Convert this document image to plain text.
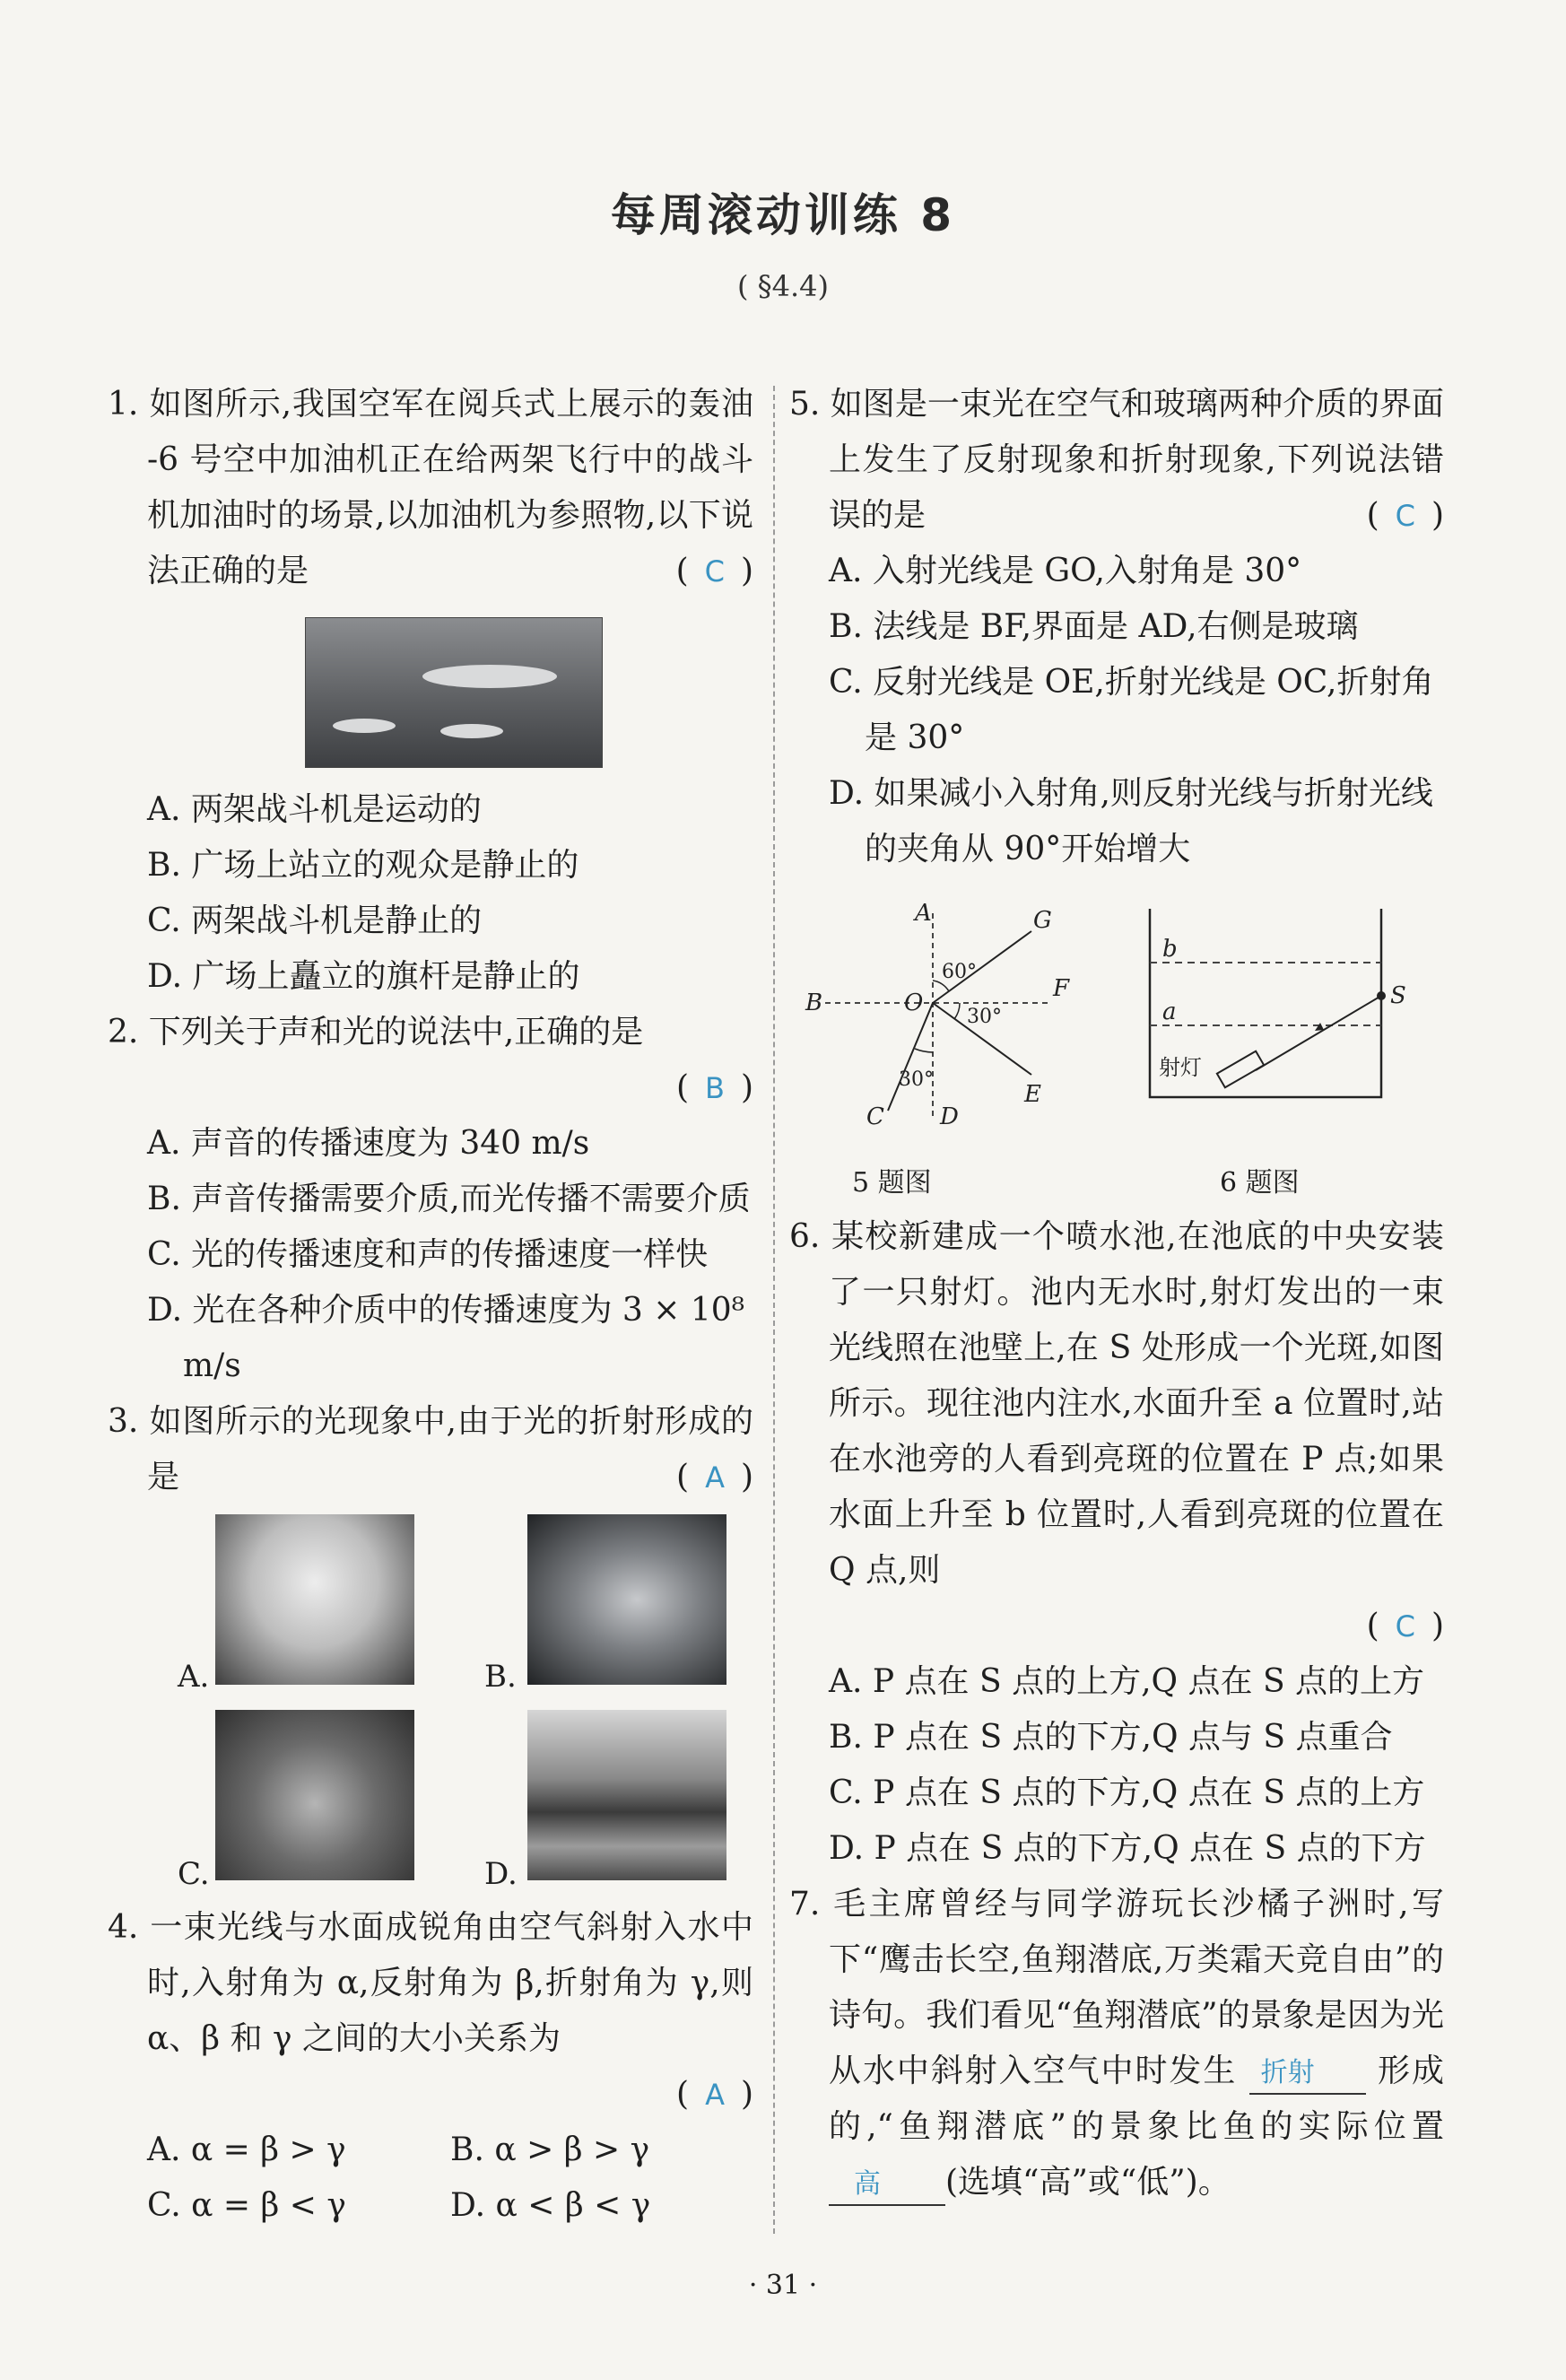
每周滚动训练 8
( §4.4)
1. 如图所示,我国空军在阅兵式上展示的轰油 -6 号空中加油机正在给两架飞行中的战斗机加油时的场景,以加油机为参照物,以下说法正确的是	( C )
A. 两架战斗机是运动的
B. 广场上站立的观众是静止的
C. 两架战斗机是静止的
D. 广场上矗立的旗杆是静止的
2. 下列关于声和光的说法中,正确的是
( B )
A. 声音的传播速度为 340 m/s
B. 声音传播需要介质,而光传播不需要介质
C. 光的传播速度和声的传播速度一样快
D. 光在各种介质中的传播速度为 3 × 10⁸ m/s
3. 如图所示的光现象中,由于光的折射形成的是	( A )
A.	B.
C.	D.
4. 一束光线与水面成锐角由空气斜射入水中时,入射角为 α,反射角为 β,折射角为 γ,则 α、β 和 γ 之间的大小关系为
( A )
A. α = β > γ	B. α > β > γ
C. α = β < γ	D. α < β < γ
5. 如图是一束光在空气和玻璃两种介质的界面上发生了反射现象和折射现象,下列说法错误的是	( C )
A. 入射光线是 GO,入射角是 30°
B. 法线是 BF,界面是 AD,右侧是玻璃
C. 反射光线是 OE,折射光线是 OC,折射角是 30°
D. 如果减小入射角,则反射光线与折射光线的夹角从 90°开始增大
A
B	O
G
F
E
C D
60°
30°
30°
b
a
S
射灯
5 题图	6 题图
6. 某校新建成一个喷水池,在池底的中央安装了一只射灯。池内无水时,射灯发出的一束光线照在池壁上,在 S 处形成一个光斑,如图所示。现往池内注水,水面升至 a 位置时,站在水池旁的人看到亮斑的位置在 P 点;如果水面上升至 b 位置时,人看到亮斑的位置在 Q 点,则
( C )
A. P 点在 S 点的上方,Q 点在 S 点的上方
B. P 点在 S 点的下方,Q 点与 S 点重合
C. P 点在 S 点的下方,Q 点在 S 点的上方
D. P 点在 S 点的下方,Q 点在 S 点的下方
7. 毛主席曾经与同学游玩长沙橘子洲时,写下“鹰击长空,鱼翔潜底,万类霜天竞自由”的诗句。我们看见“鱼翔潜底”的景象是因为光从水中斜射入空气中时发生 折射 形成的,“鱼翔潜底”的景象比鱼的实际位置 高 (选填“高”或“低”)。
· 31 ·
